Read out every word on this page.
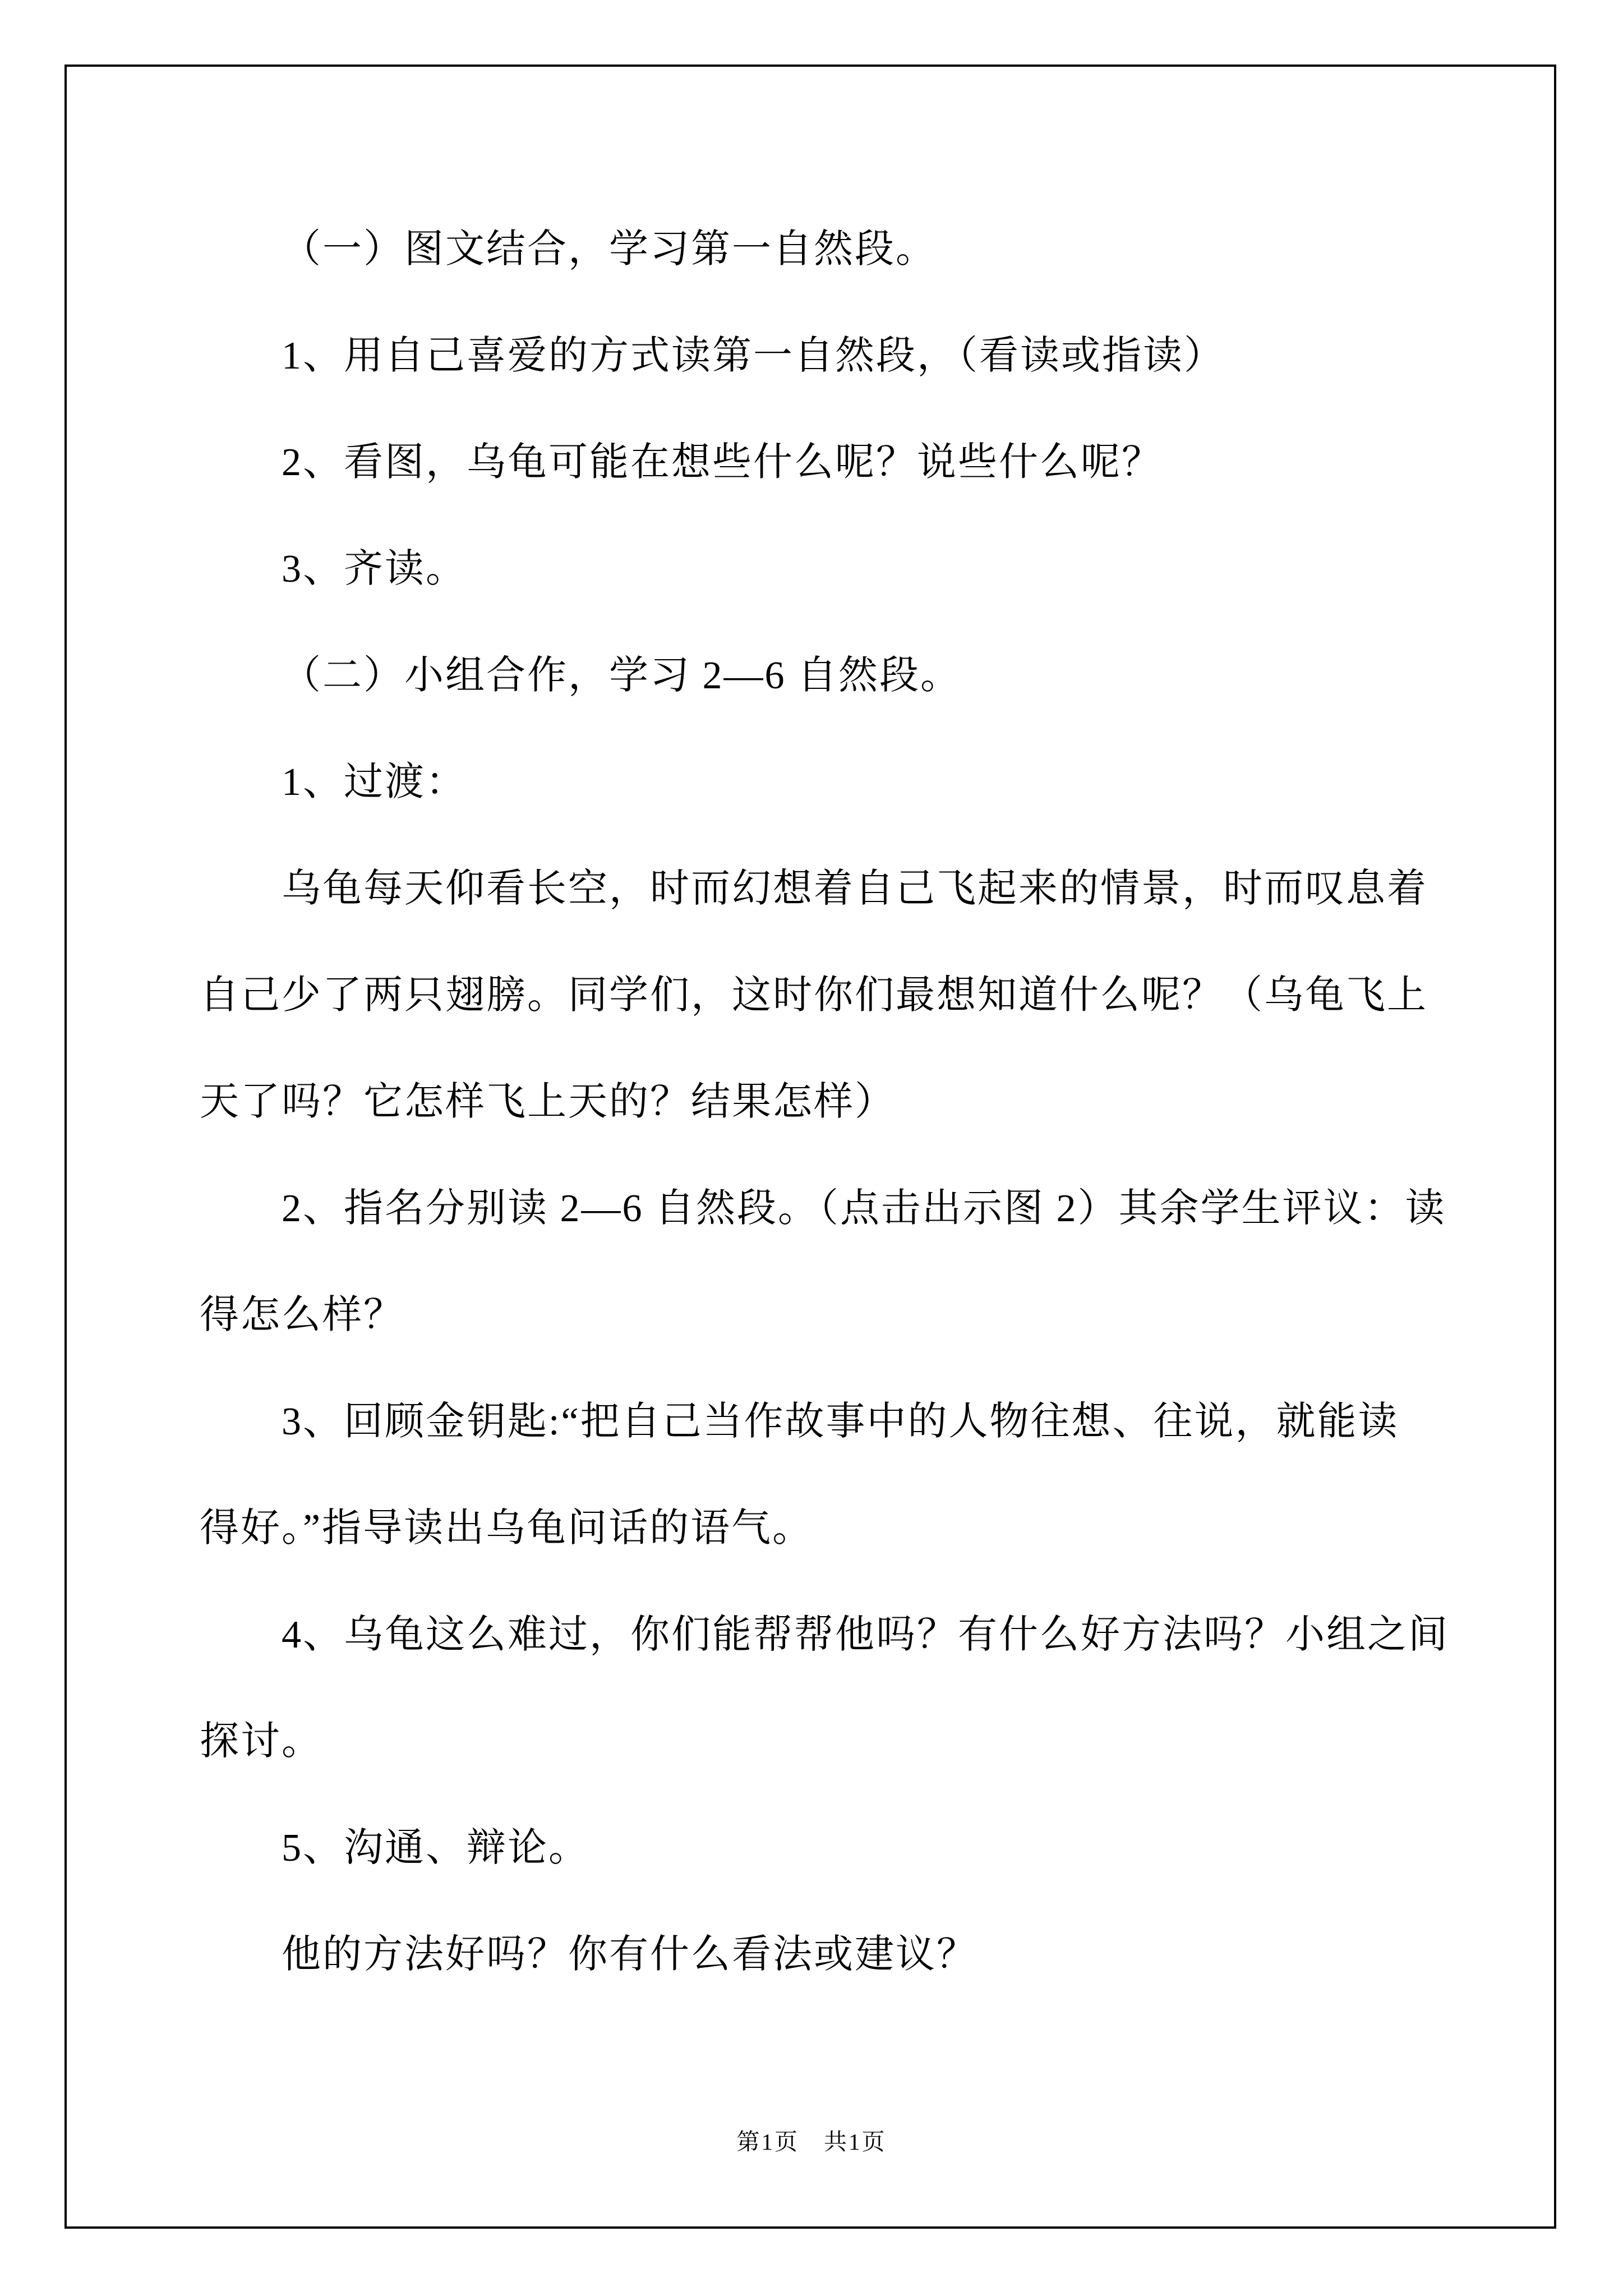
（一）图文结合，学习第一自然段。
1、用自己喜爱的方式读第一自然段，（看读或指读）
2、看图，乌龟可能在想些什么呢？说些什么呢？
3、齐读。
（二）小组合作，学习 2—6 自然段。
1、过渡：
乌龟每天仰看长空，时而幻想着自己飞起来的情景，时而叹息着
自己少了两只翅膀。同学们，这时你们最想知道什么呢？（乌龟飞上
天了吗？它怎样飞上天的？结果怎样）
2、指名分别读 2—6 自然段。（点击出示图 2）其余学生评议：读
得怎么样？
3、回顾金钥匙:“把自己当作故事中的人物往想、往说，就能读
得好。”指导读出乌龟问话的语气。
4、乌龟这么难过，你们能帮帮他吗？有什么好方法吗？小组之间
探讨。
5、沟通、辩论。
他的方法好吗？你有什么看法或建议？
第1页　共1页
